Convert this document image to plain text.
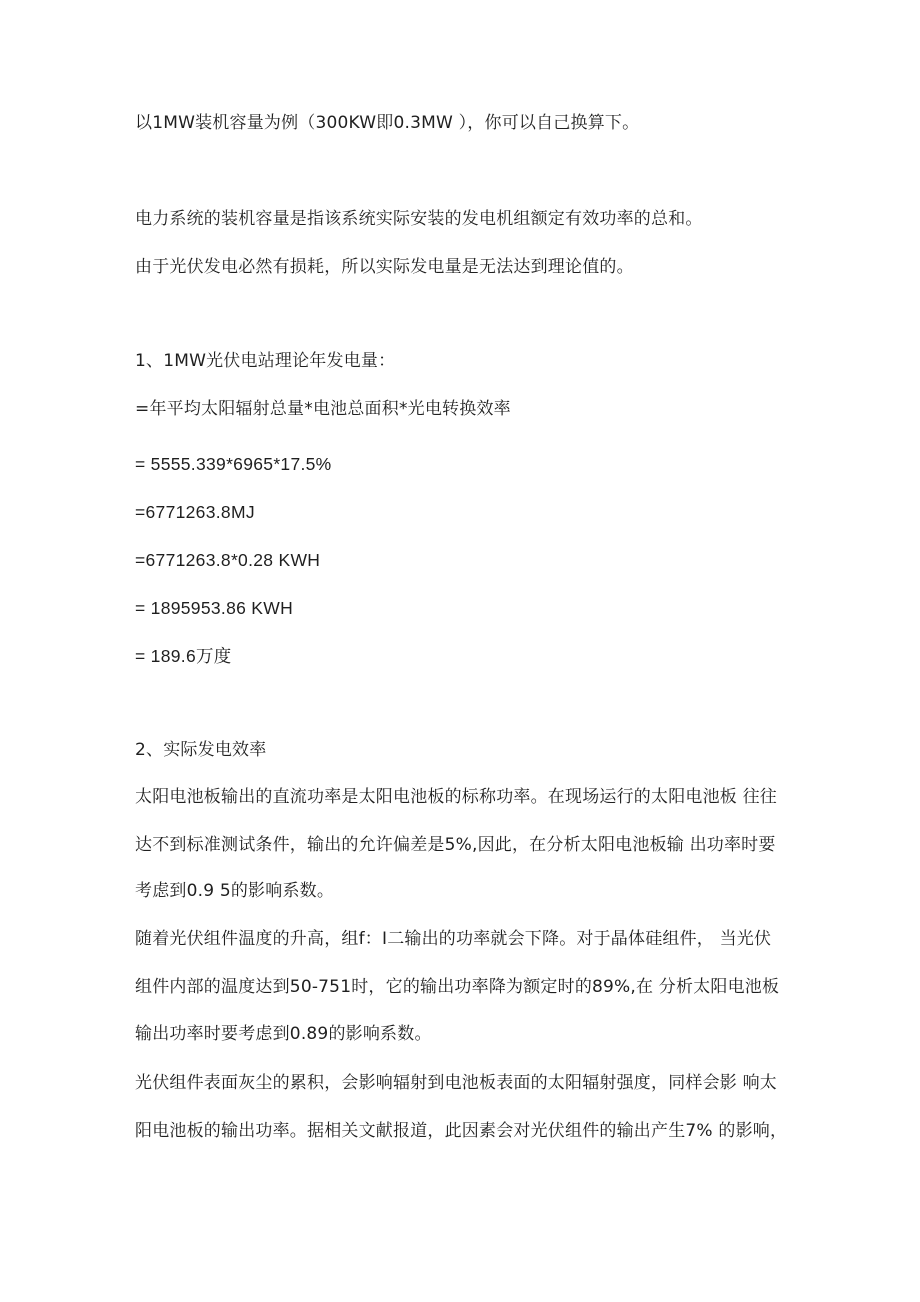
以1MW装机容量为例（300KW即0.3MW ），你可以自己换算下。

电力系统的装机容量是指该系统实际安装的发电机组额定有效功率的总和。

由于光伏发电必然有损耗，所以实际发电量是无法达到理论值的。

1、1MW光伏电站理论年发电量：

=年平均太阳辐射总量*电池总面积*光电转换效率

= 5555.339*6965*17.5%

=6771263.8MJ

=6771263.8*0.28 KWH

= 1895953.86 KWH

= 189.6万度

2、实际发电效率

太阳电池板输出的直流功率是太阳电池板的标称功率。在现场运行的太阳电池板 往往

达不到标准测试条件，输出的允许偏差是5%,因此，在分析太阳电池板输 出功率时要

考虑到0.9 5的影响系数。

随着光伏组件温度的升高，组f：I二输出的功率就会下降。对于晶体硅组件， 当光伏

组件内部的温度达到50-751时，它的输出功率降为额定时的89%,在 分析太阳电池板

输出功率时要考虑到0.89的影响系数。

光伏组件表面灰尘的累积，会影响辐射到电池板表面的太阳辐射强度，同样会影 响太

阳电池板的输出功率。据相关文献报道，此因素会对光伏组件的输出产生7% 的影响，
